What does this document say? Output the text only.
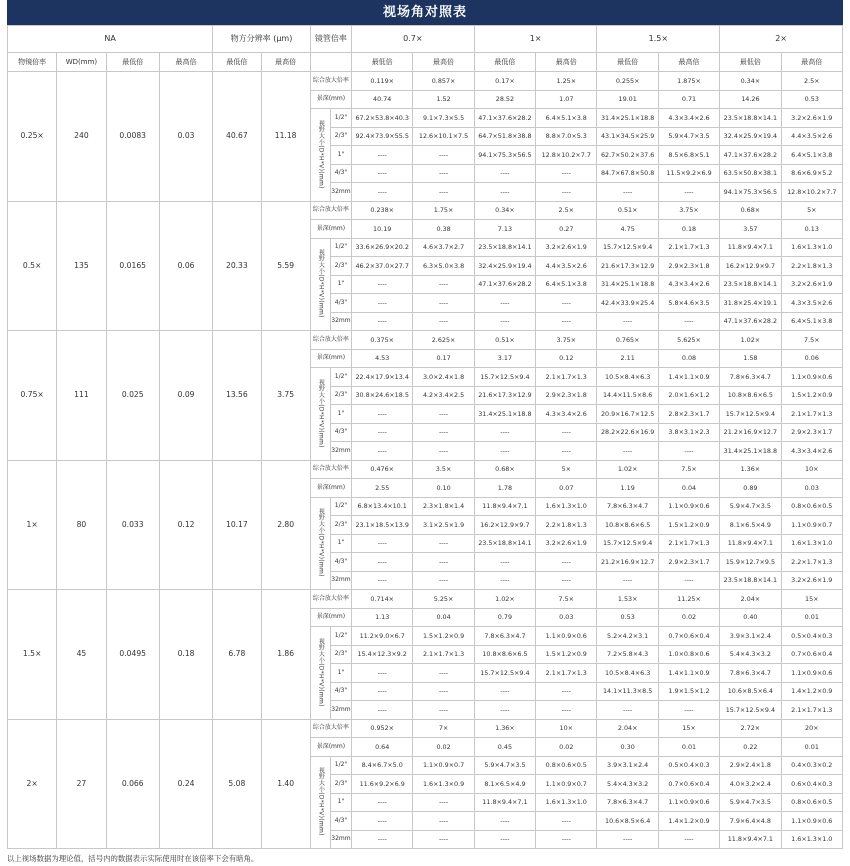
视场角对照表
NA				物方分辨率 (μm)		镜管倍率		0.7×		1×		1.5×		2×	
物镜倍率	WD(mm)	最低倍	最高倍	最低倍	最高倍			最低倍	最高倍	最低倍	最高倍	最低倍	最高倍	最低倍	最高倍
0.25×	240	0.0083	0.03	40.67	11.18	综合放大倍率		0.119×	0.857×	0.17×	1.25×	0.255×	1.875×	0.34×	2.5×
						景深(mm)		40.74	1.52	28.52	1.07	19.01	0.71	14.26	0.53
						视野大小(D*H*V)(mm)	1/2"	67.2×53.8×40.3	9.1×7.3×5.5	47.1×37.6×28.2	6.4×5.1×3.8	31.4×25.1×18.8	4.3×3.4×2.6	23.5×18.8×14.1	3.2×2.6×1.9
							2/3"	92.4×73.9×55.5	12.6×10.1×7.5	64.7×51.8×38.8	8.8×7.0×5.3	43.1×34.5×25.9	5.9×4.7×3.5	32.4×25.9×19.4	4.4×3.5×2.6
							1"	----	----	94.1×75.3×56.5	12.8×10.2×7.7	62.7×50.2×37.6	8.5×6.8×5.1	47.1×37.6×28.2	6.4×5.1×3.8
							4/3"	----	----	----	----	84.7×67.8×50.8	11.5×9.2×6.9	63.5×50.8×38.1	8.6×6.9×5.2
							32mm	----	----	----	----	----	----	94.1×75.3×56.5	12.8×10.2×7.7
0.5×	135	0.0165	0.06	20.33	5.59	综合放大倍率		0.238×	1.75×	0.34×	2.5×	0.51×	3.75×	0.68×	5×
						景深(mm)		10.19	0.38	7.13	0.27	4.75	0.18	3.57	0.13
						视野大小(D*H*V)(mm)	1/2"	33.6×26.9×20.2	4.6×3.7×2.7	23.5×18.8×14.1	3.2×2.6×1.9	15.7×12.5×9.4	2.1×1.7×1.3	11.8×9.4×7.1	1.6×1.3×1.0
							2/3"	46.2×37.0×27.7	6.3×5.0×3.8	32.4×25.9×19.4	4.4×3.5×2.6	21.6×17.3×12.9	2.9×2.3×1.8	16.2×12.9×9.7	2.2×1.8×1.3
							1"	----	----	47.1×37.6×28.2	6.4×5.1×3.8	31.4×25.1×18.8	4.3×3.4×2.6	23.5×18.8×14.1	3.2×2.6×1.9
							4/3"	----	----	----	----	42.4×33.9×25.4	5.8×4.6×3.5	31.8×25.4×19.1	4.3×3.5×2.6
							32mm	----	----	----	----	----	----	47.1×37.6×28.2	6.4×5.1×3.8
0.75×	111	0.025	0.09	13.56	3.75	综合放大倍率		0.375×	2.625×	0.51×	3.75×	0.765×	5.625×	1.02×	7.5×
						景深(mm)		4.53	0.17	3.17	0.12	2.11	0.08	1.58	0.06
						视野大小(D*H*V)(mm)	1/2"	22.4×17.9×13.4	3.0×2.4×1.8	15.7×12.5×9.4	2.1×1.7×1.3	10.5×8.4×6.3	1.4×1.1×0.9	7.8×6.3×4.7	1.1×0.9×0.6
							2/3"	30.8×24.6×18.5	4.2×3.4×2.5	21.6×17.3×12.9	2.9×2.3×1.8	14.4×11.5×8.6	2.0×1.6×1.2	10.8×8.6×6.5	1.5×1.2×0.9
							1"	----	----	31.4×25.1×18.8	4.3×3.4×2.6	20.9×16.7×12.5	2.8×2.3×1.7	15.7×12.5×9.4	2.1×1.7×1.3
							4/3"	----	----	----	----	28.2×22.6×16.9	3.8×3.1×2.3	21.2×16.9×12.7	2.9×2.3×1.7
							32mm	----	----	----	----	----	----	31.4×25.1×18.8	4.3×3.4×2.6
1×	80	0.033	0.12	10.17	2.80	综合放大倍率		0.476×	3.5×	0.68×	5×	1.02×	7.5×	1.36×	10×
						景深(mm)		2.55	0.10	1.78	0.07	1.19	0.04	0.89	0.03
						视野大小(D*H*V)(mm)	1/2"	6.8×13.4×10.1	2.3×1.8×1.4	11.8×9.4×7.1	1.6×1.3×1.0	7.8×6.3×4.7	1.1×0.9×0.6	5.9×4.7×3.5	0.8×0.6×0.5
							2/3"	23.1×18.5×13.9	3.1×2.5×1.9	16.2×12.9×9.7	2.2×1.8×1.3	10.8×8.6×6.5	1.5×1.2×0.9	8.1×6.5×4.9	1.1×0.9×0.7
							1"	----	----	23.5×18.8×14.1	3.2×2.6×1.9	15.7×12.5×9.4	2.1×1.7×1.3	11.8×9.4×7.1	1.6×1.3×1.0
							4/3"	----	----	----	----	21.2×16.9×12.7	2.9×2.3×1.7	15.9×12.7×9.5	2.2×1.7×1.3
							32mm	----	----	----	----	----	----	23.5×18.8×14.1	3.2×2.6×1.9
1.5×	45	0.0495	0.18	6.78	1.86	综合放大倍率		0.714×	5.25×	1.02×	7.5×	1.53×	11.25×	2.04×	15×
						景深(mm)		1.13	0.04	0.79	0.03	0.53	0.02	0.40	0.01
						视野大小(D*H*V)(mm)	1/2"	11.2×9.0×6.7	1.5×1.2×0.9	7.8×6.3×4.7	1.1×0.9×0.6	5.2×4.2×3.1	0.7×0.6×0.4	3.9×3.1×2.4	0.5×0.4×0.3
							2/3"	15.4×12.3×9.2	2.1×1.7×1.3	10.8×8.6×6.5	1.5×1.2×0.9	7.2×5.8×4.3	1.0×0.8×0.6	5.4×4.3×3.2	0.7×0.6×0.4
							1"	----	----	15.7×12.5×9.4	2.1×1.7×1.3	10.5×8.4×6.3	1.4×1.1×0.9	7.8×6.3×4.7	1.1×0.9×0.6
							4/3"	----	----	----	----	14.1×11.3×8.5	1.9×1.5×1.2	10.6×8.5×6.4	1.4×1.2×0.9
							32mm	----	----	----	----	----	----	15.7×12.5×9.4	2.1×1.7×1.3
2×	27	0.066	0.24	5.08	1.40	综合放大倍率		0.952×	7×	1.36×	10×	2.04×	15×	2.72×	20×
						景深(mm)		0.64	0.02	0.45	0.02	0.30	0.01	0.22	0.01
						视野大小(D*H*V)(mm)	1/2"	8.4×6.7×5.0	1.1×0.9×0.7	5.9×4.7×3.5	0.8×0.6×0.5	3.9×3.1×2.4	0.5×0.4×0.3	2.9×2.4×1.8	0.4×0.3×0.2
							2/3"	11.6×9.2×6.9	1.6×1.3×0.9	8.1×6.5×4.9	1.1×0.9×0.7	5.4×4.3×3.2	0.7×0.6×0.4	4.0×3.2×2.4	0.6×0.4×0.3
							1"	----	----	11.8×9.4×7.1	1.6×1.3×1.0	7.8×6.3×4.7	1.1×0.9×0.6	5.9×4.7×3.5	0.8×0.6×0.5
							4/3"	----	----	----	----	10.6×8.5×6.4	1.4×1.2×0.9	7.9×6.4×4.8	1.1×0.9×0.6
							32mm	----	----	----	----	----	----	11.8×9.4×7.1	1.6×1.3×1.0
以上视场数据为理论值，括号内的数据表示实际使用时在该倍率下会有暗角。
